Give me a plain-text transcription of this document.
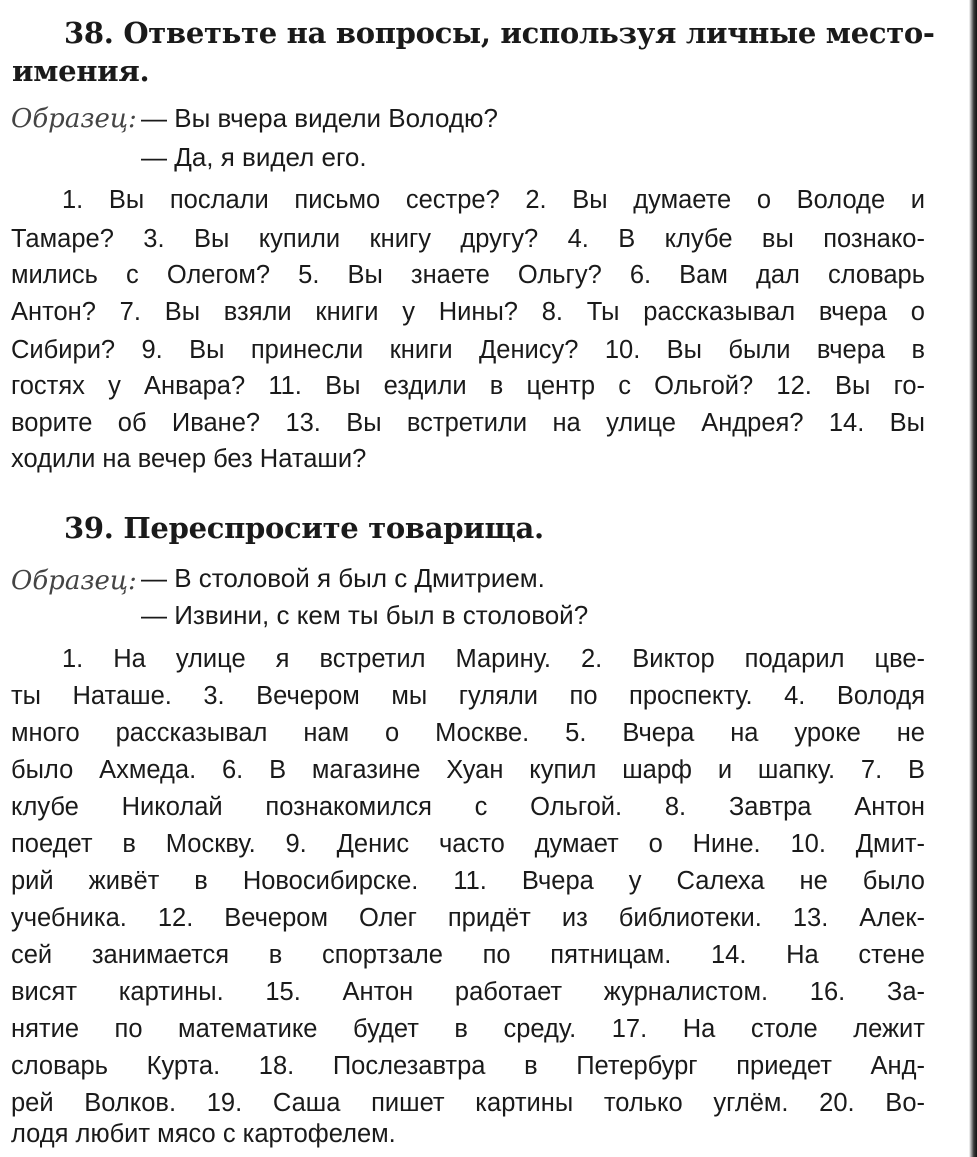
38. Ответьте на вопросы, используя личные место-
имения.
Образец: — Вы вчера видели Володю?
— Да, я видел его.
1. Вы послали письмо сестре? 2. Вы думаете о Володе и
Тамаре? 3. Вы купили книгу другу? 4. В клубе вы познако-
мились с Олегом? 5. Вы знаете Ольгу? 6. Вам дал словарь
Антон? 7. Вы взяли книги у Нины? 8. Ты рассказывал вчера о
Сибири? 9. Вы принесли книги Денису? 10. Вы были вчера в
гостях у Анвара? 11. Вы ездили в центр с Ольгой? 12. Вы го-
ворите об Иване? 13. Вы встретили на улице Андрея? 14. Вы
ходили на вечер без Наташи?
39. Переспросите товарища.
Образец: — В столовой я был с Дмитрием.
— Извини, с кем ты был в столовой?
1. На улице я встретил Марину. 2. Виктор подарил цве-
ты Наташе. 3. Вечером мы гуляли по проспекту. 4. Володя
много рассказывал нам о Москве. 5. Вчера на уроке не
было Ахмеда. 6. В магазине Хуан купил шарф и шапку. 7. В
клубе Николай познакомился с Ольгой. 8. Завтра Антон
поедет в Москву. 9. Денис часто думает о Нине. 10. Дмит-
рий живёт в Новосибирске. 11. Вчера у Салеха не было
учебника. 12. Вечером Олег придёт из библиотеки. 13. Алек-
сей занимается в спортзале по пятницам. 14. На стене
висят картины. 15. Антон работает журналистом. 16. За-
нятие по математике будет в среду. 17. На столе лежит
словарь Курта. 18. Послезавтра в Петербург приедет Анд-
рей Волков. 19. Саша пишет картины только углём. 20. Во-
лодя любит мясо с картофелем.
